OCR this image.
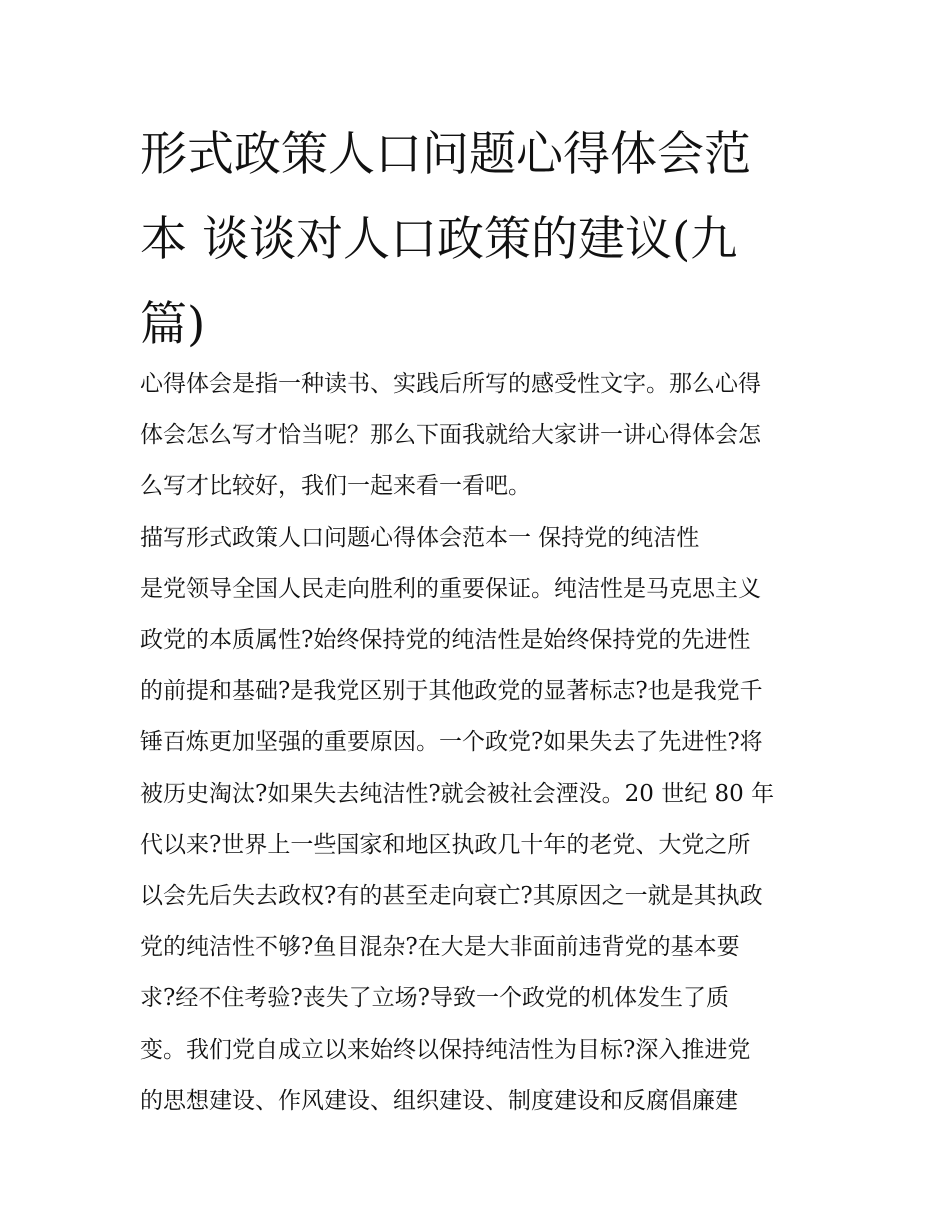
形式政策人口问题心得体会范
本 谈谈对人口政策的建议(九
篇)
心得体会是指一种读书、实践后所写的感受性文字。那么心得
体会怎么写才恰当呢？那么下面我就给大家讲一讲心得体会怎
么写才比较好，我们一起来看一看吧。
描写形式政策人口问题心得体会范本一 保持党的纯洁性
是党领导全国人民走向胜利的重要保证。纯洁性是马克思主义
政党的本质属性?始终保持党的纯洁性是始终保持党的先进性
的前提和基础?是我党区别于其他政党的显著标志?也是我党千
锤百炼更加坚强的重要原因。一个政党?如果失去了先进性?将
被历史淘汰?如果失去纯洁性?就会被社会湮没。20 世纪 80 年
代以来?世界上一些国家和地区执政几十年的老党、大党之所
以会先后失去政权?有的甚至走向衰亡?其原因之一就是其执政
党的纯洁性不够?鱼目混杂?在大是大非面前违背党的基本要
求?经不住考验?丧失了立场?导致一个政党的机体发生了质
变。我们党自成立以来始终以保持纯洁性为目标?深入推进党
的思想建设、作风建设、组织建设、制度建设和反腐倡廉建
